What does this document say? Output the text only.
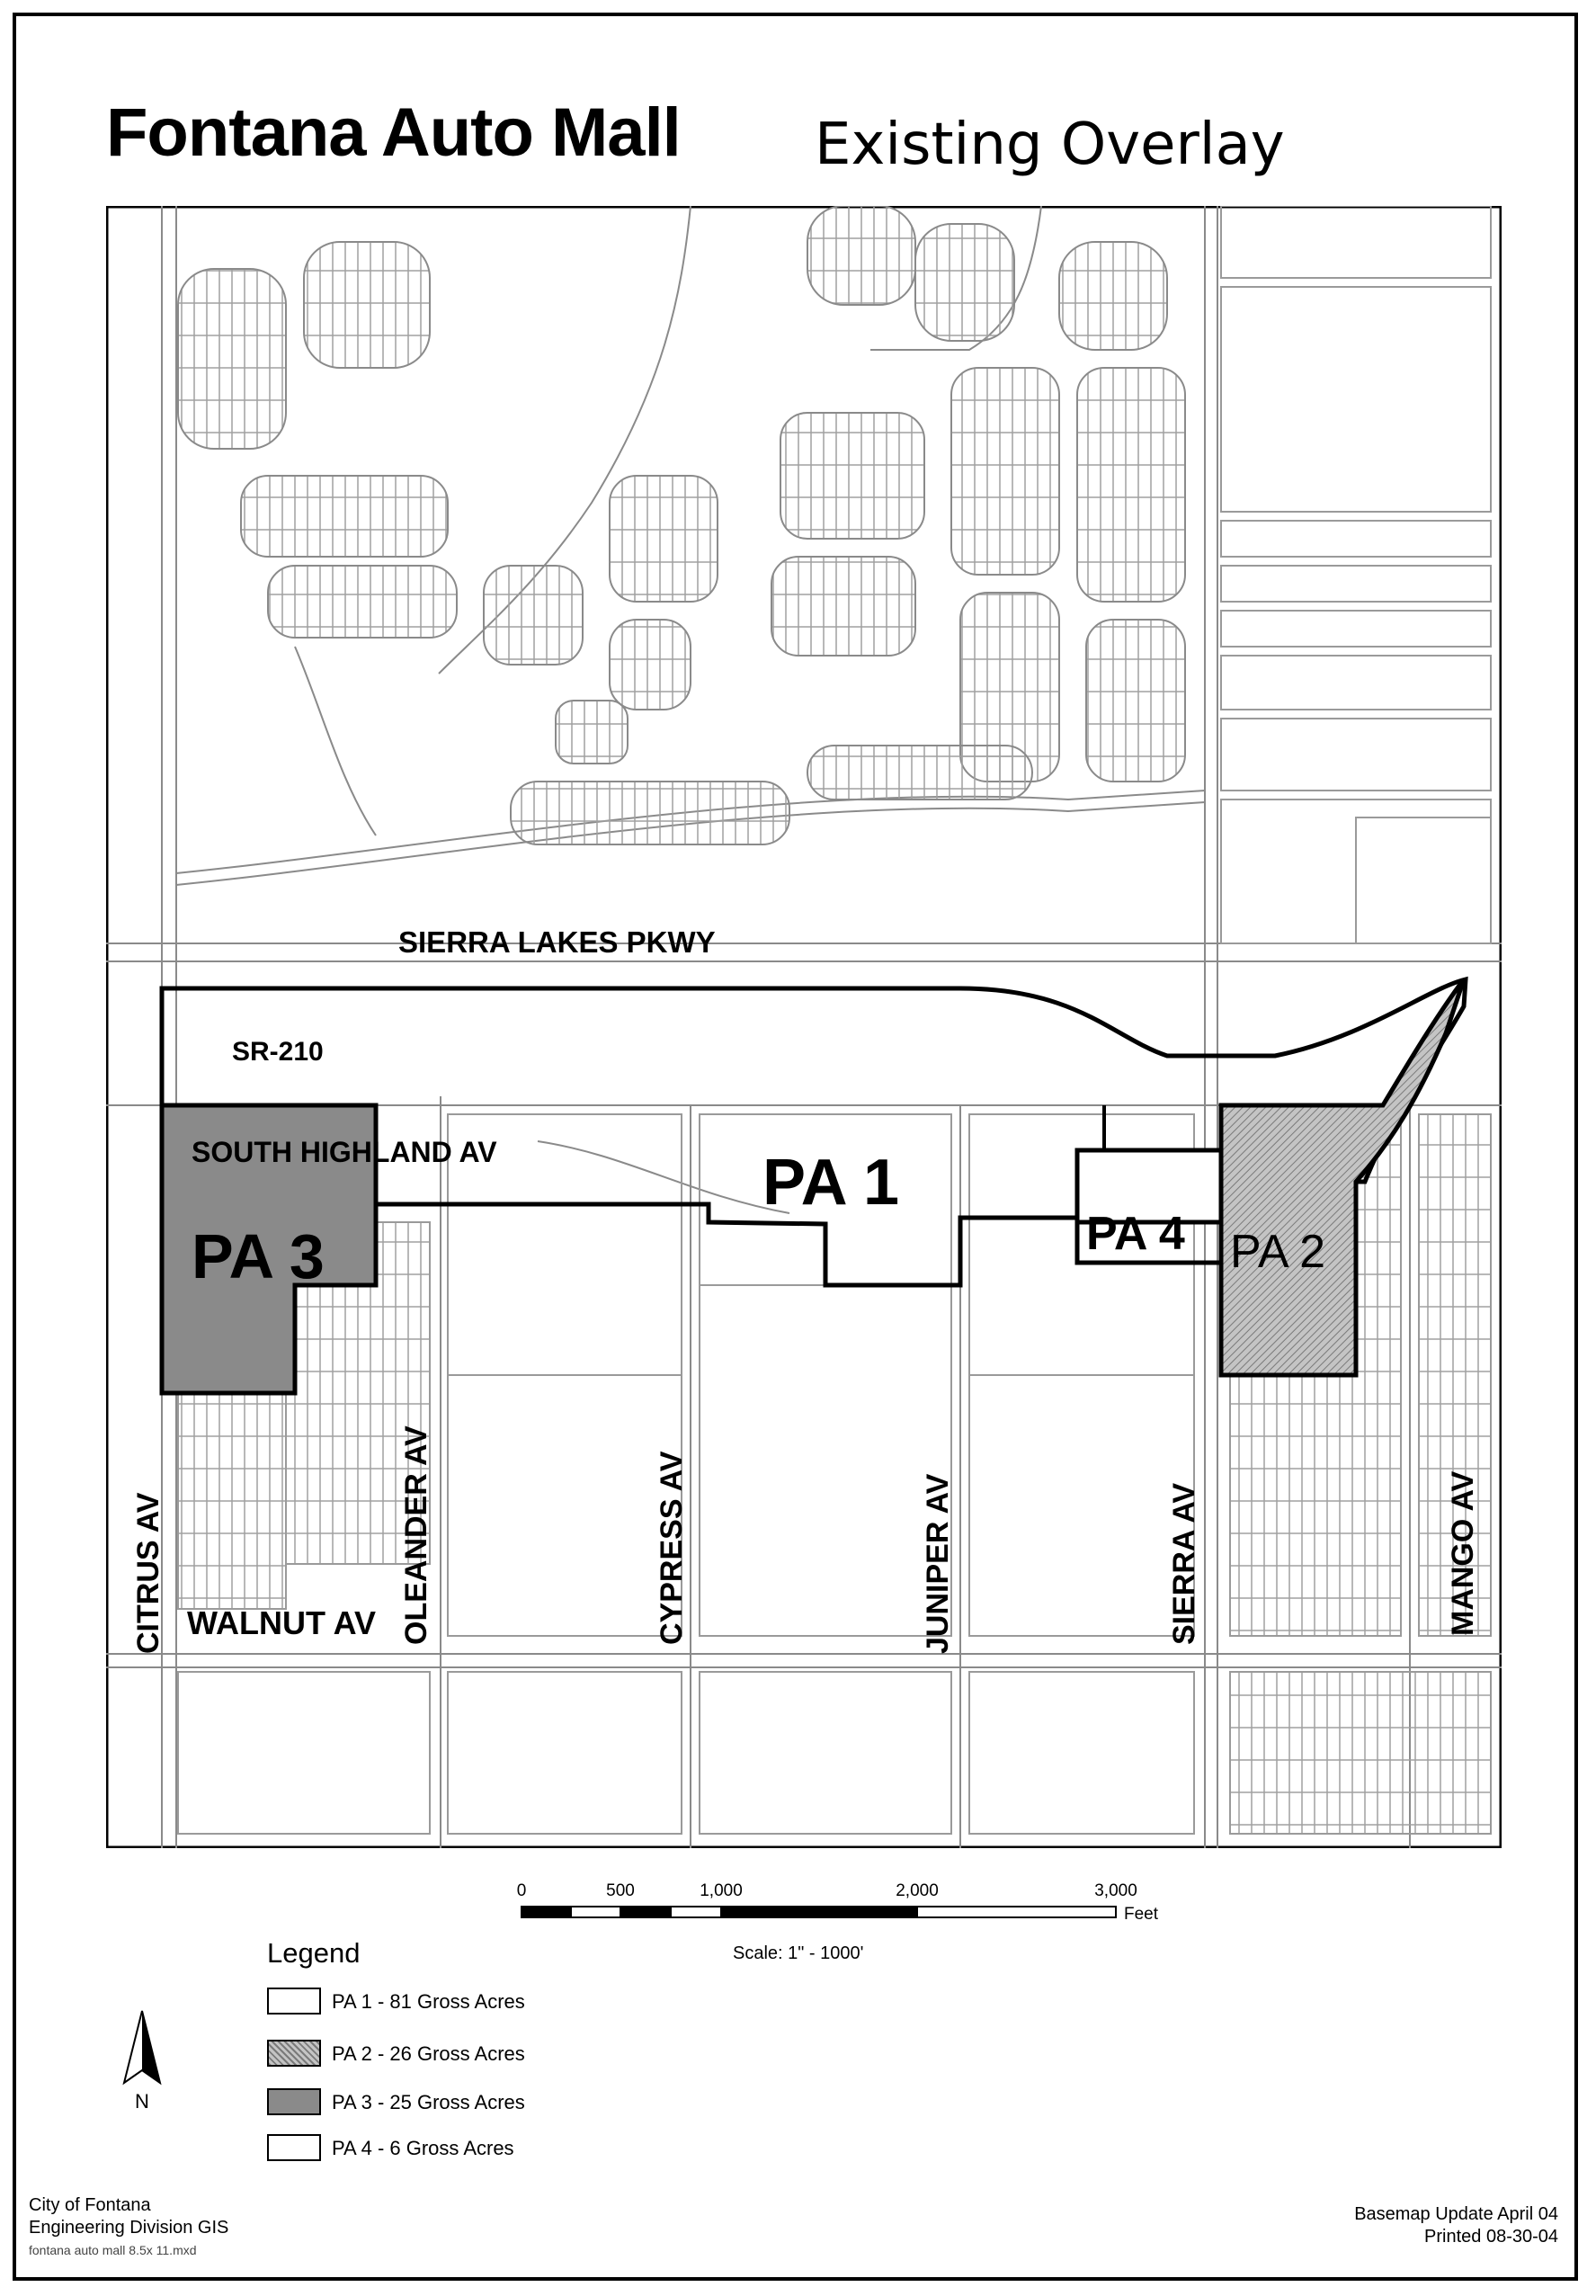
Fontana Auto Mall Existing Overlay
SIERRA LAKES PKWY
SR-210
SOUTH HIGHLAND AV
WALNUT AV
CITRUS AV	OLEANDER AV	CYPRESS AV	JUNIPER AV	SIERRA AV	MANGO AV
PA 1
PA 3	PA 4 PA 2
0	500	1,000	2,000	3,000
Feet
Scale: 1" - 1000'
Legend
PA 1 - 81 Gross Acres
PA 2 - 26 Gross Acres
PA 3 - 25 Gross Acres
PA 4 - 6 Gross Acres
N
City of Fontana
Engineering Division GIS
fontana auto mall 8.5x 11.mxd
Basemap Update April 04
Printed 08-30-04
